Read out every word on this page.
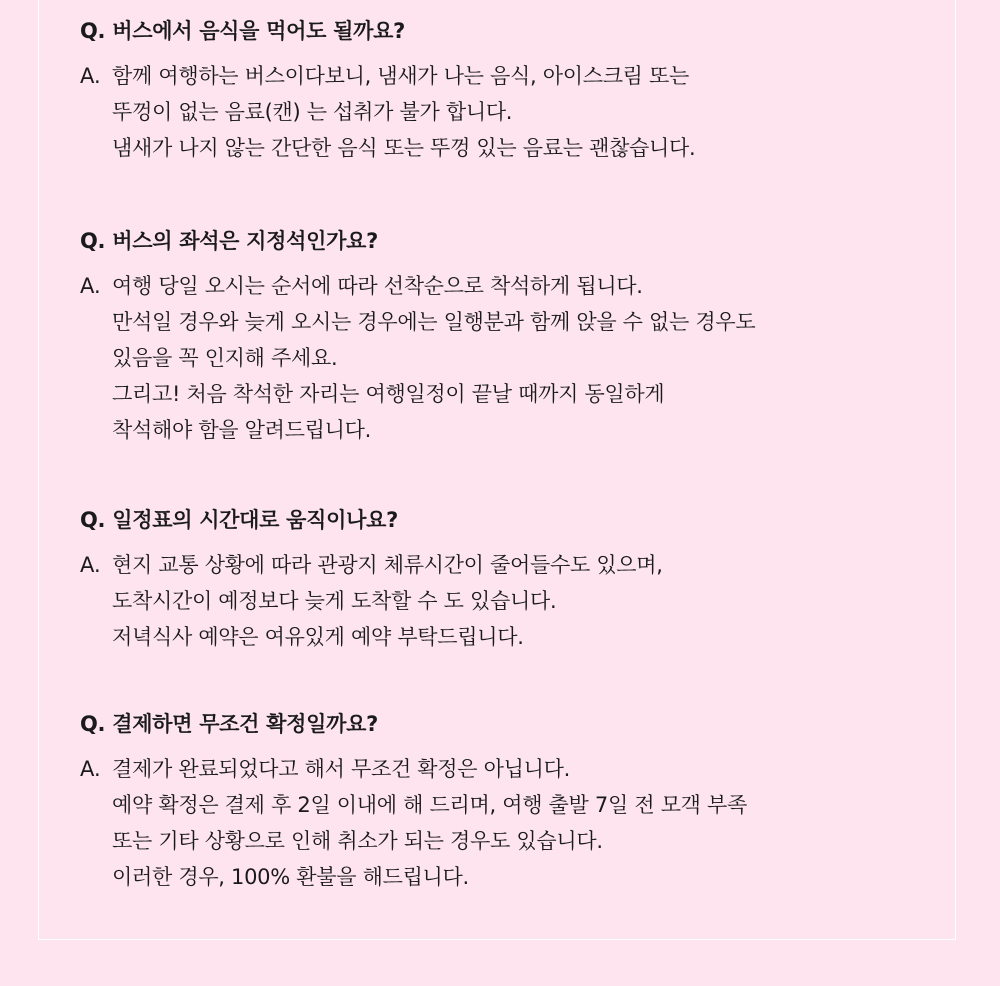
Q. 버스에서 음식을 먹어도 될까요?
A. 함께 여행하는 버스이다보니, 냄새가 나는 음식, 아이스크림 또는
뚜껑이 없는 음료(캔) 는 섭취가 불가 합니다.
냄새가 나지 않는 간단한 음식 또는 뚜껑 있는 음료는 괜찮습니다.
Q. 버스의 좌석은 지정석인가요?
A. 여행 당일 오시는 순서에 따라 선착순으로 착석하게 됩니다.
만석일 경우와 늦게 오시는 경우에는 일행분과 함께 앉을 수 없는 경우도
있음을 꼭 인지해 주세요.
그리고! 처음 착석한 자리는 여행일정이 끝날 때까지 동일하게
착석해야 함을 알려드립니다.
Q. 일정표의 시간대로 움직이나요?
A. 현지 교통 상황에 따라 관광지 체류시간이 줄어들수도 있으며,
도착시간이 예정보다 늦게 도착할 수 도 있습니다.
저녁식사 예약은 여유있게 예약 부탁드립니다.
Q. 결제하면 무조건 확정일까요?
A. 결제가 완료되었다고 해서 무조건 확정은 아닙니다.
예약 확정은 결제 후 2일 이내에 해 드리며, 여행 출발 7일 전 모객 부족
또는 기타 상황으로 인해 취소가 되는 경우도 있습니다.
이러한 경우, 100% 환불을 해드립니다.
